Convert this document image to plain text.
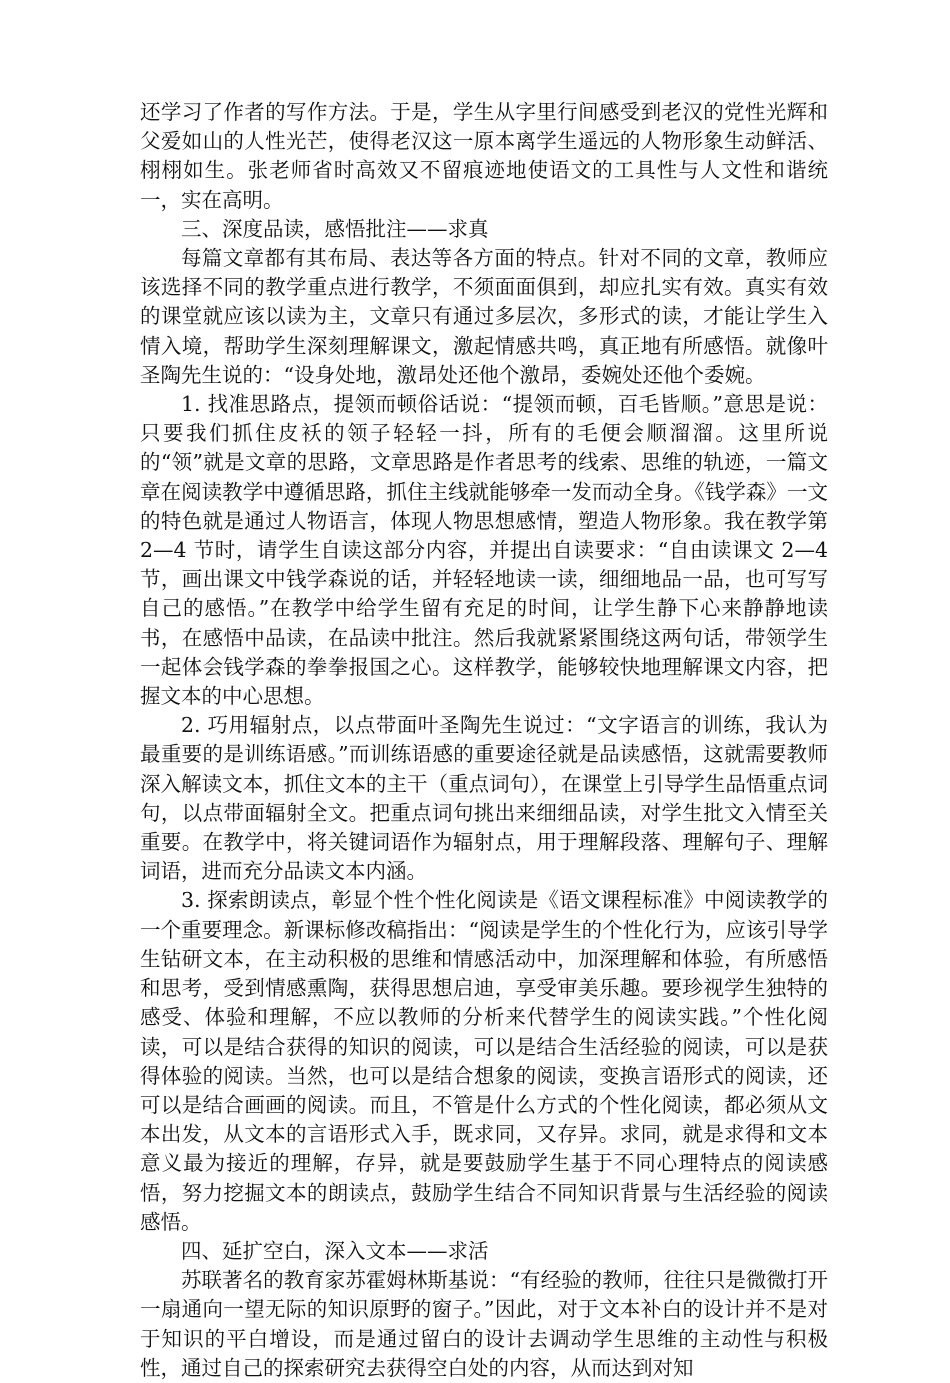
还学习了作者的写作方法。于是，学生从字里行间感受到老汉的党性光辉和父爱如山的人性光芒，使得老汉这一原本离学生遥远的人物形象生动鲜活、栩栩如生。张老师省时高效又不留痕迹地使语文的工具性与人文性和谐统一，实在高明。

三、深度品读，感悟批注——求真

每篇文章都有其布局、表达等各方面的特点。针对不同的文章，教师应该选择不同的教学重点进行教学，不须面面俱到，却应扎实有效。真实有效的课堂就应该以读为主，文章只有通过多层次，多形式的读，才能让学生入情入境，帮助学生深刻理解课文，激起情感共鸣，真正地有所感悟。就像叶圣陶先生说的：“设身处地，激昂处还他个激昂，委婉处还他个委婉。

1. 找准思路点，提领而顿俗话说：“提领而顿，百毛皆顺。”意思是说：只要我们抓住皮袄的领子轻轻一抖，所有的毛便会顺溜溜。这里所说的“领”就是文章的思路，文章思路是作者思考的线索、思维的轨迹，一篇文章在阅读教学中遵循思路，抓住主线就能够牵一发而动全身。《钱学森》一文的特色就是通过人物语言，体现人物思想感情，塑造人物形象。我在教学第 2—4 节时，请学生自读这部分内容，并提出自读要求：“自由读课文 2—4 节，画出课文中钱学森说的话，并轻轻地读一读，细细地品一品，也可写写自己的感悟。”在教学中给学生留有充足的时间，让学生静下心来静静地读书，在感悟中品读，在品读中批注。然后我就紧紧围绕这两句话，带领学生一起体会钱学森的拳拳报国之心。这样教学，能够较快地理解课文内容，把握文本的中心思想。

2. 巧用辐射点，以点带面叶圣陶先生说过：“文字语言的训练，我认为最重要的是训练语感。”而训练语感的重要途径就是品读感悟，这就需要教师深入解读文本，抓住文本的主干（重点词句），在课堂上引导学生品悟重点词句，以点带面辐射全文。把重点词句挑出来细细品读，对学生批文入情至关重要。在教学中，将关键词语作为辐射点，用于理解段落、理解句子、理解词语，进而充分品读文本内涵。

3. 探索朗读点，彰显个性个性化阅读是《语文课程标准》中阅读教学的一个重要理念。新课标修改稿指出：“阅读是学生的个性化行为，应该引导学生钻研文本，在主动积极的思维和情感活动中，加深理解和体验，有所感悟和思考，受到情感熏陶，获得思想启迪，享受审美乐趣。要珍视学生独特的感受、体验和理解，不应以教师的分析来代替学生的阅读实践。”个性化阅读，可以是结合获得的知识的阅读，可以是结合生活经验的阅读，可以是获得体验的阅读。当然，也可以是结合想象的阅读，变换言语形式的阅读，还可以是结合画画的阅读。而且，不管是什么方式的个性化阅读，都必须从文本出发，从文本的言语形式入手，既求同，又存异。求同，就是求得和文本意义最为接近的理解，存异，就是要鼓励学生基于不同心理特点的阅读感悟，努力挖掘文本的朗读点，鼓励学生结合不同知识背景与生活经验的阅读感悟。

四、延扩空白，深入文本——求活

苏联著名的教育家苏霍姆林斯基说：“有经验的教师，往往只是微微打开一扇通向一望无际的知识原野的窗子。”因此，对于文本补白的设计并不是对于知识的平白增设，而是通过留白的设计去调动学生思维的主动性与积极性，通过自己的探索研究去获得空白处的内容，从而达到对知
